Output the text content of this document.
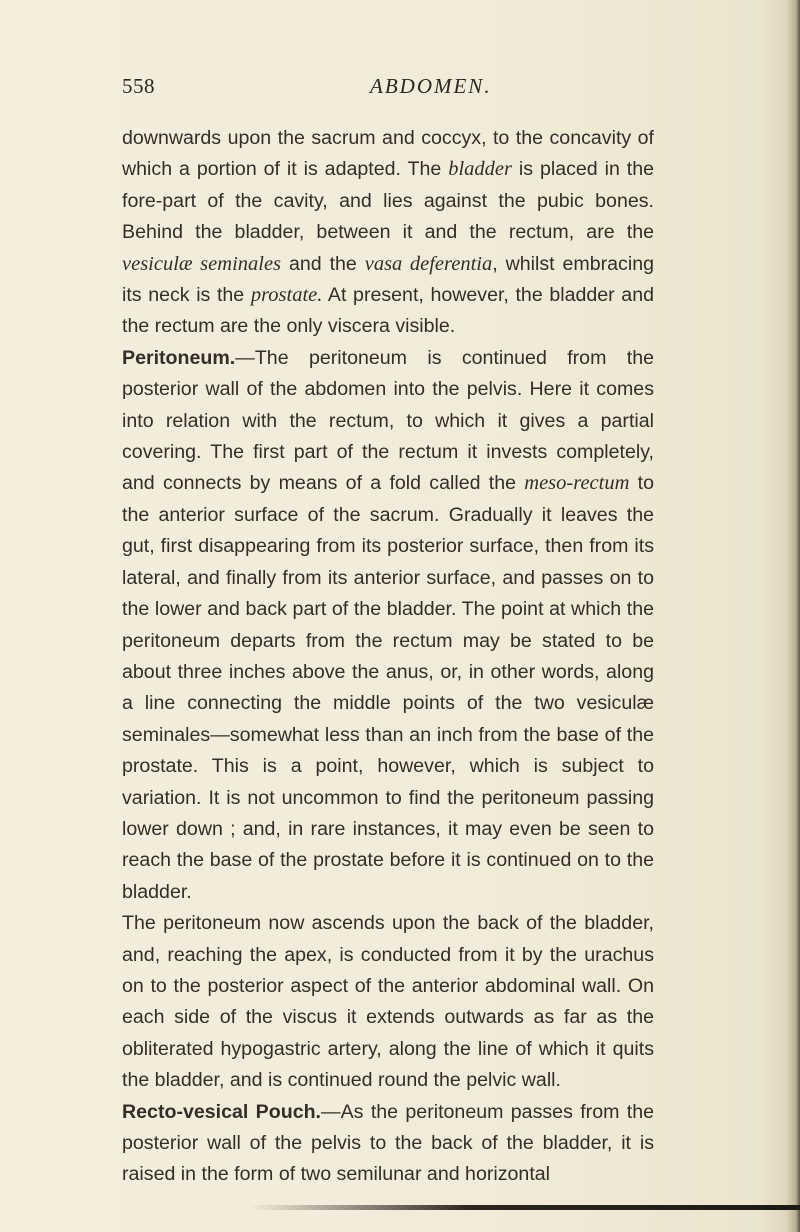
558	ABDOMEN.

downwards upon the sacrum and coccyx, to the concavity of which a portion of it is adapted. The bladder is placed in the fore-part of the cavity, and lies against the pubic bones. Behind the bladder, between it and the rectum, are the vesiculæ seminales and the vasa deferentia, whilst embracing its neck is the prostate. At present, however, the bladder and the rectum are the only viscera visible.

Peritoneum.—The peritoneum is continued from the posterior wall of the abdomen into the pelvis. Here it comes into relation with the rectum, to which it gives a partial covering. The first part of the rectum it invests completely, and connects by means of a fold called the meso-rectum to the anterior surface of the sacrum. Gradually it leaves the gut, first disappearing from its posterior surface, then from its lateral, and finally from its anterior surface, and passes on to the lower and back part of the bladder. The point at which the peritoneum departs from the rectum may be stated to be about three inches above the anus, or, in other words, along a line connecting the middle points of the two vesiculæ seminales—somewhat less than an inch from the base of the prostate. This is a point, however, which is subject to variation. It is not uncommon to find the peritoneum passing lower down ; and, in rare instances, it may even be seen to reach the base of the prostate before it is continued on to the bladder.

The peritoneum now ascends upon the back of the bladder, and, reaching the apex, is conducted from it by the urachus on to the posterior aspect of the anterior abdominal wall. On each side of the viscus it extends outwards as far as the obliterated hypogastric artery, along the line of which it quits the bladder, and is continued round the pelvic wall.

Recto-vesical Pouch.—As the peritoneum passes from the posterior wall of the pelvis to the back of the bladder, it is raised in the form of two semilunar and horizontal
